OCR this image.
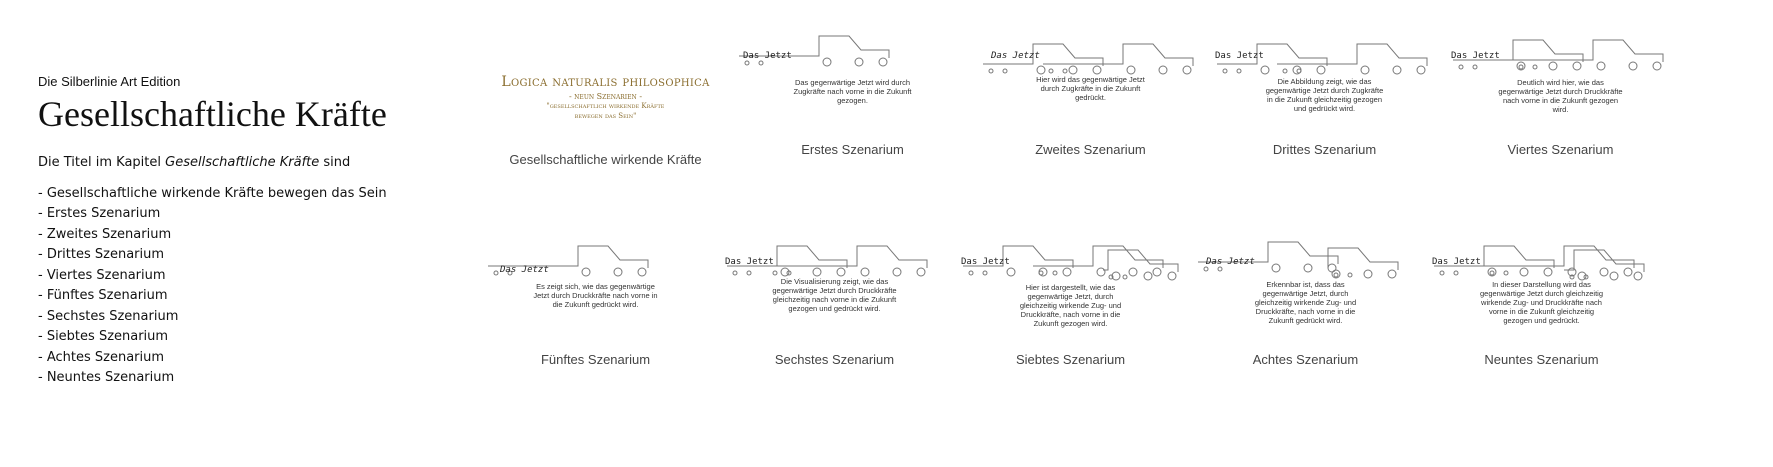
Die Silberlinie Art Edition
Gesellschaftliche Kräfte
Die Titel im Kapitel Gesellschaftliche Kräfte sind
- Gesellschaftliche wirkende Kräfte bewegen das Sein
- Erstes Szenarium
- Zweites Szenarium
- Drittes Szenarium
- Viertes Szenarium
- Fünftes Szenarium
- Sechstes Szenarium
- Siebtes Szenarium
- Achtes Szenarium
- Neuntes Szenarium
Logica naturalis philosophica
- neun Szenarien -
"gesellschaftlich wirkende Kräfte
bewegen das Sein"
Gesellschaftliche wirkende Kräfte
Das Jetzt
Das gegenwärtige Jetzt wird durch Zugkräfte nach vorne in die Zukunft gezogen.
Erstes Szenarium
Das Jetzt
Hier wird das gegenwärtige Jetzt durch Zugkräfte in die Zukunft gedrückt.
Zweites Szenarium
Das Jetzt
Die Abbildung zeigt, wie das gegenwärtige Jetzt durch Zugkräfte in die Zukunft gleichzeitig gezogen und gedrückt wird.
Drittes Szenarium
Das Jetzt
Deutlich wird hier, wie das gegenwärtige Jetzt durch Druckkräfte nach vorne in die Zukunft gezogen wird.
Viertes Szenarium
Das Jetzt
Es zeigt sich, wie das gegenwärtige Jetzt durch Druckkräfte nach vorne in die Zukunft gedrückt wird.
Fünftes Szenarium
Das Jetzt
Die Visualisierung zeigt, wie das gegenwärtige Jetzt durch Druckkräfte gleichzeitig nach vorne in die Zukunft gezogen und gedrückt wird.
Sechstes Szenarium
Das Jetzt
Hier ist dargestellt, wie das gegenwärtige Jetzt, durch gleichzeitig wirkende Zug- und Druckkräfte, nach vorne in die Zukunft gezogen wird.
Siebtes Szenarium
Das Jetzt
Erkennbar ist, dass das gegenwärtige Jetzt, durch gleichzeitig wirkende Zug- und Druckkräfte, nach vorne in die Zukunft gedrückt wird.
Achtes Szenarium
Das Jetzt
In dieser Darstellung wird das gegenwärtige Jetzt durch gleichzeitig wirkende Zug- und Druckkräfte nach vorne in die Zukunft gleichzeitig gezogen und gedrückt.
Neuntes Szenarium
